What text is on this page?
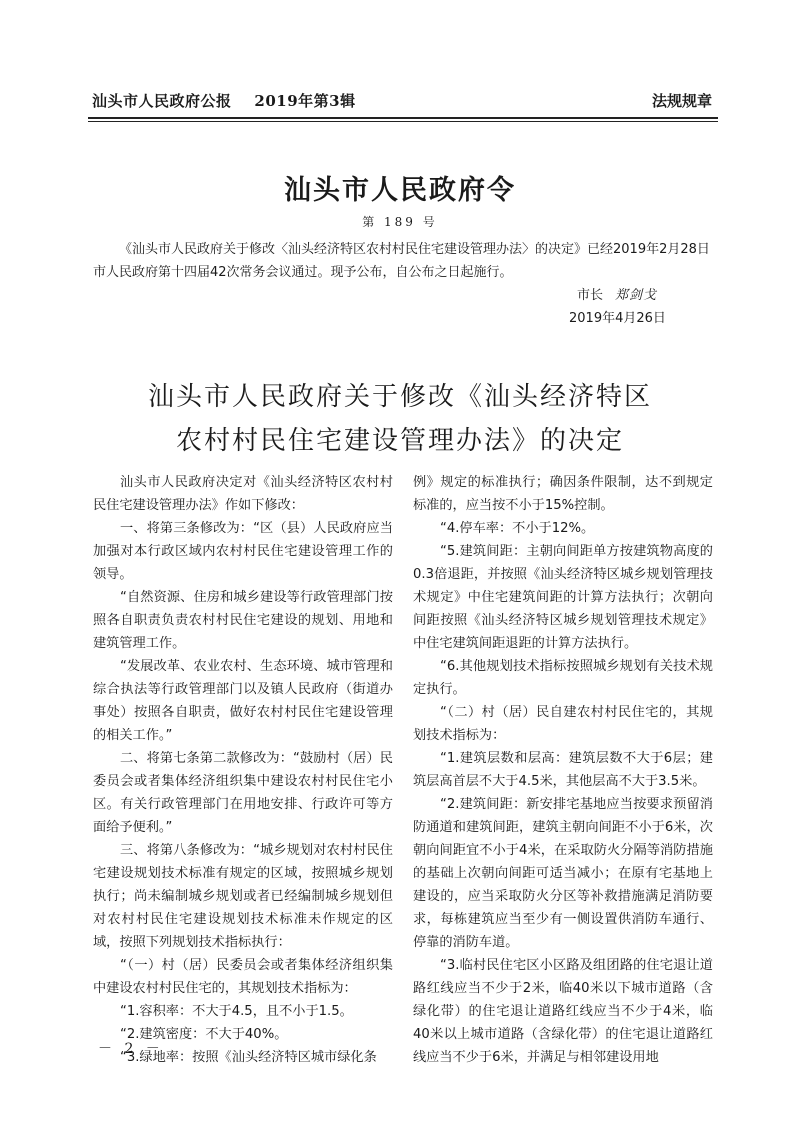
汕头市人民政府公报    2019年第3辑	法规规章
汕头市人民政府令
第 189 号

《汕头市人民政府关于修改〈汕头经济特区农村村民住宅建设管理办法〉的决定》已经2019年2月28日市人民政府第十四届42次常务会议通过。现予公布，自公布之日起施行。

市长 郑剑戈
2019年4月26日
汕头市人民政府关于修改《汕头经济特区
农村村民住宅建设管理办法》的决定

汕头市人民政府决定对《汕头经济特区农村村民住宅建设管理办法》作如下修改：

一、将第三条修改为：“区（县）人民政府应当加强对本行政区域内农村村民住宅建设管理工作的领导。

“自然资源、住房和城乡建设等行政管理部门按照各自职责负责农村村民住宅建设的规划、用地和建筑管理工作。

“发展改革、农业农村、生态环境、城市管理和综合执法等行政管理部门以及镇人民政府（街道办事处）按照各自职责，做好农村村民住宅建设管理的相关工作。”

二、将第七条第二款修改为：“鼓励村（居）民委员会或者集体经济组织集中建设农村村民住宅小区。有关行政管理部门在用地安排、行政许可等方面给予便利。”

三、将第八条修改为：“城乡规划对农村村民住宅建设规划技术标准有规定的区域，按照城乡规划执行；尚未编制城乡规划或者已经编制城乡规划但对农村村民住宅建设规划技术标准未作规定的区域，按照下列规划技术指标执行：

“（一）村（居）民委员会或者集体经济组织集中建设农村村民住宅的，其规划技术指标为：

“1.容积率：不大于4.5，且不小于1.5。

“2.建筑密度：不大于40%。

“3.绿地率：按照《汕头经济特区城市绿化条

例》规定的标准执行；确因条件限制，达不到规定标准的，应当按不小于15%控制。

“4.停车率：不小于12%。

“5.建筑间距：主朝向间距单方按建筑物高度的0.3倍退距，并按照《汕头经济特区城乡规划管理技术规定》中住宅建筑间距的计算方法执行；次朝向间距按照《汕头经济特区城乡规划管理技术规定》中住宅建筑间距退距的计算方法执行。

“6.其他规划技术指标按照城乡规划有关技术规定执行。

“（二）村（居）民自建农村村民住宅的，其规划技术指标为：

“1.建筑层数和层高：建筑层数不大于6层；建筑层高首层不大于4.5米，其他层高不大于3.5米。

“2.建筑间距：新安排宅基地应当按要求预留消防通道和建筑间距，建筑主朝向间距不小于6米，次朝向间距宜不小于4米，在采取防火分隔等消防措施的基础上次朝向间距可适当减小；在原有宅基地上建设的，应当采取防火分区等补救措施满足消防要求，每栋建筑应当至少有一侧设置供消防车通行、停靠的消防车道。

“3.临村民住宅区小区路及组团路的住宅退让道路红线应当不少于2米，临40米以下城市道路（含绿化带）的住宅退让道路红线应当不少于4米，临40米以上城市道路（含绿化带）的住宅退让道路红线应当不少于6米，并满足与相邻建设用地

－ 2 －
